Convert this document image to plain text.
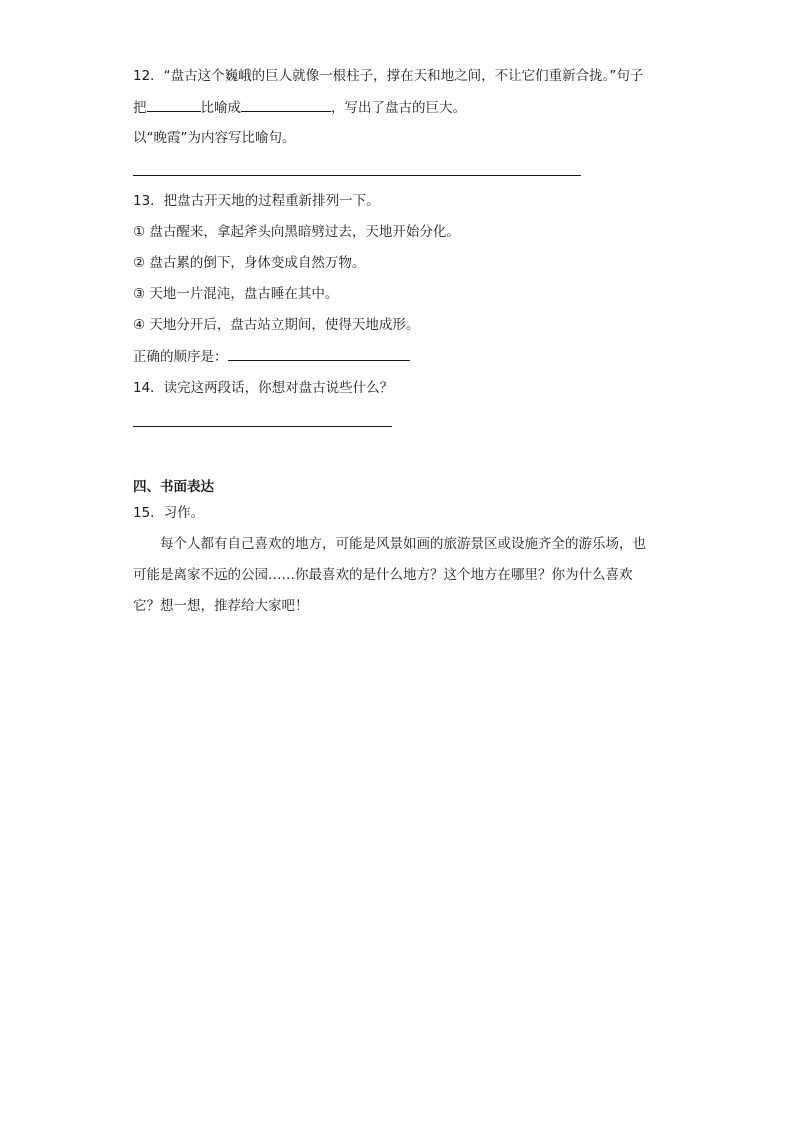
12．“盘古这个巍峨的巨人就像一根柱子，撑在天和地之间，不让它们重新合拢。”句子
把	比喻成	，写出了盘古的巨大。
以“晚霞”为内容写比喻句。
13．把盘古开天地的过程重新排列一下。
① 盘古醒来，拿起斧头向黑暗劈过去，天地开始分化。
② 盘古累的倒下，身体变成自然万物。
③ 天地一片混沌，盘古睡在其中。
④ 天地分开后，盘古站立期间，使得天地成形。
正确的顺序是：
14．读完这两段话，你想对盘古说些什么？
四、书面表达
15．习作。
每个人都有自己喜欢的地方，可能是风景如画的旅游景区或设施齐全的游乐场，也
可能是离家不远的公园……你最喜欢的是什么地方？这个地方在哪里？你为什么喜欢
它？想一想，推荐给大家吧！
